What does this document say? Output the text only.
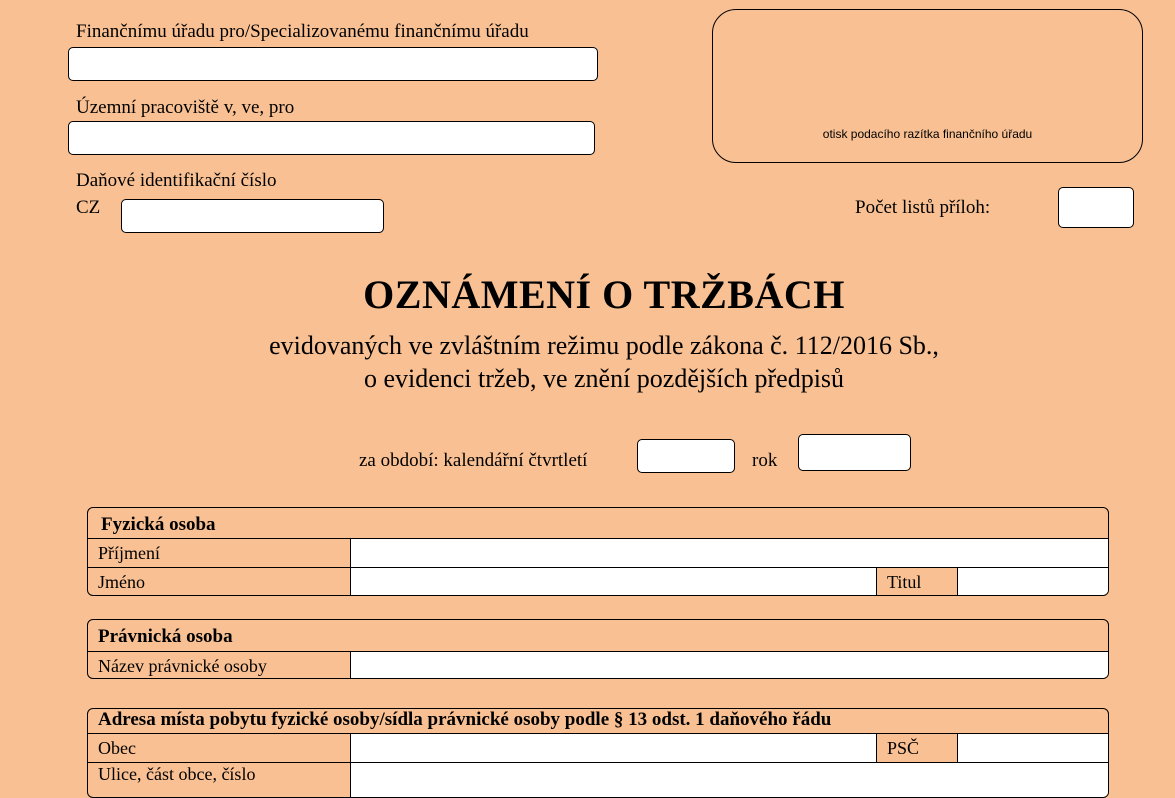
Finančnímu úřadu pro/Specializovanému finančnímu úřadu
Územní pracoviště v, ve, pro
Daňové identifikační číslo
CZ
otisk podacího razítka finančního úřadu
Počet listů příloh:
OZNÁMENÍ O TRŽBÁCH
evidovaných ve zvláštním režimu podle zákona č. 112/2016 Sb.,
o evidenci tržeb, ve znění pozdějších předpisů
za období: kalendářní čtvrtletí	rok
Fyzická osoba
Příjmení
Jméno	Titul
Právnická osoba
Název právnické osoby
Adresa místa pobytu fyzické osoby/sídla právnické osoby podle § 13 odst. 1 daňového řádu
Obec	PSČ
Ulice, část obce, číslo
